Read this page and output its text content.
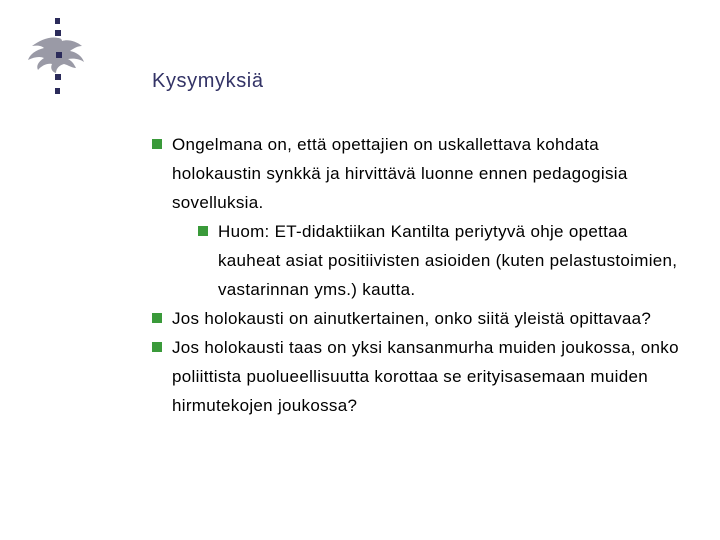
Kysymyksiä
Ongelmana on, että opettajien on uskallettava kohdata holokaustin synkkä ja hirvittävä luonne ennen pedagogisia sovelluksia.
Huom: ET-didaktiikan Kantilta periytyvä ohje opettaa kauheat asiat positiivisten asioiden (kuten pelastustoimien, vastarinnan yms.) kautta.
Jos holokausti on ainutkertainen, onko siitä yleistä opittavaa?
Jos holokausti taas on yksi kansanmurha muiden joukossa, onko poliittista puolueellisuutta korottaa se erityisasemaan muiden hirmutekojen joukossa?
